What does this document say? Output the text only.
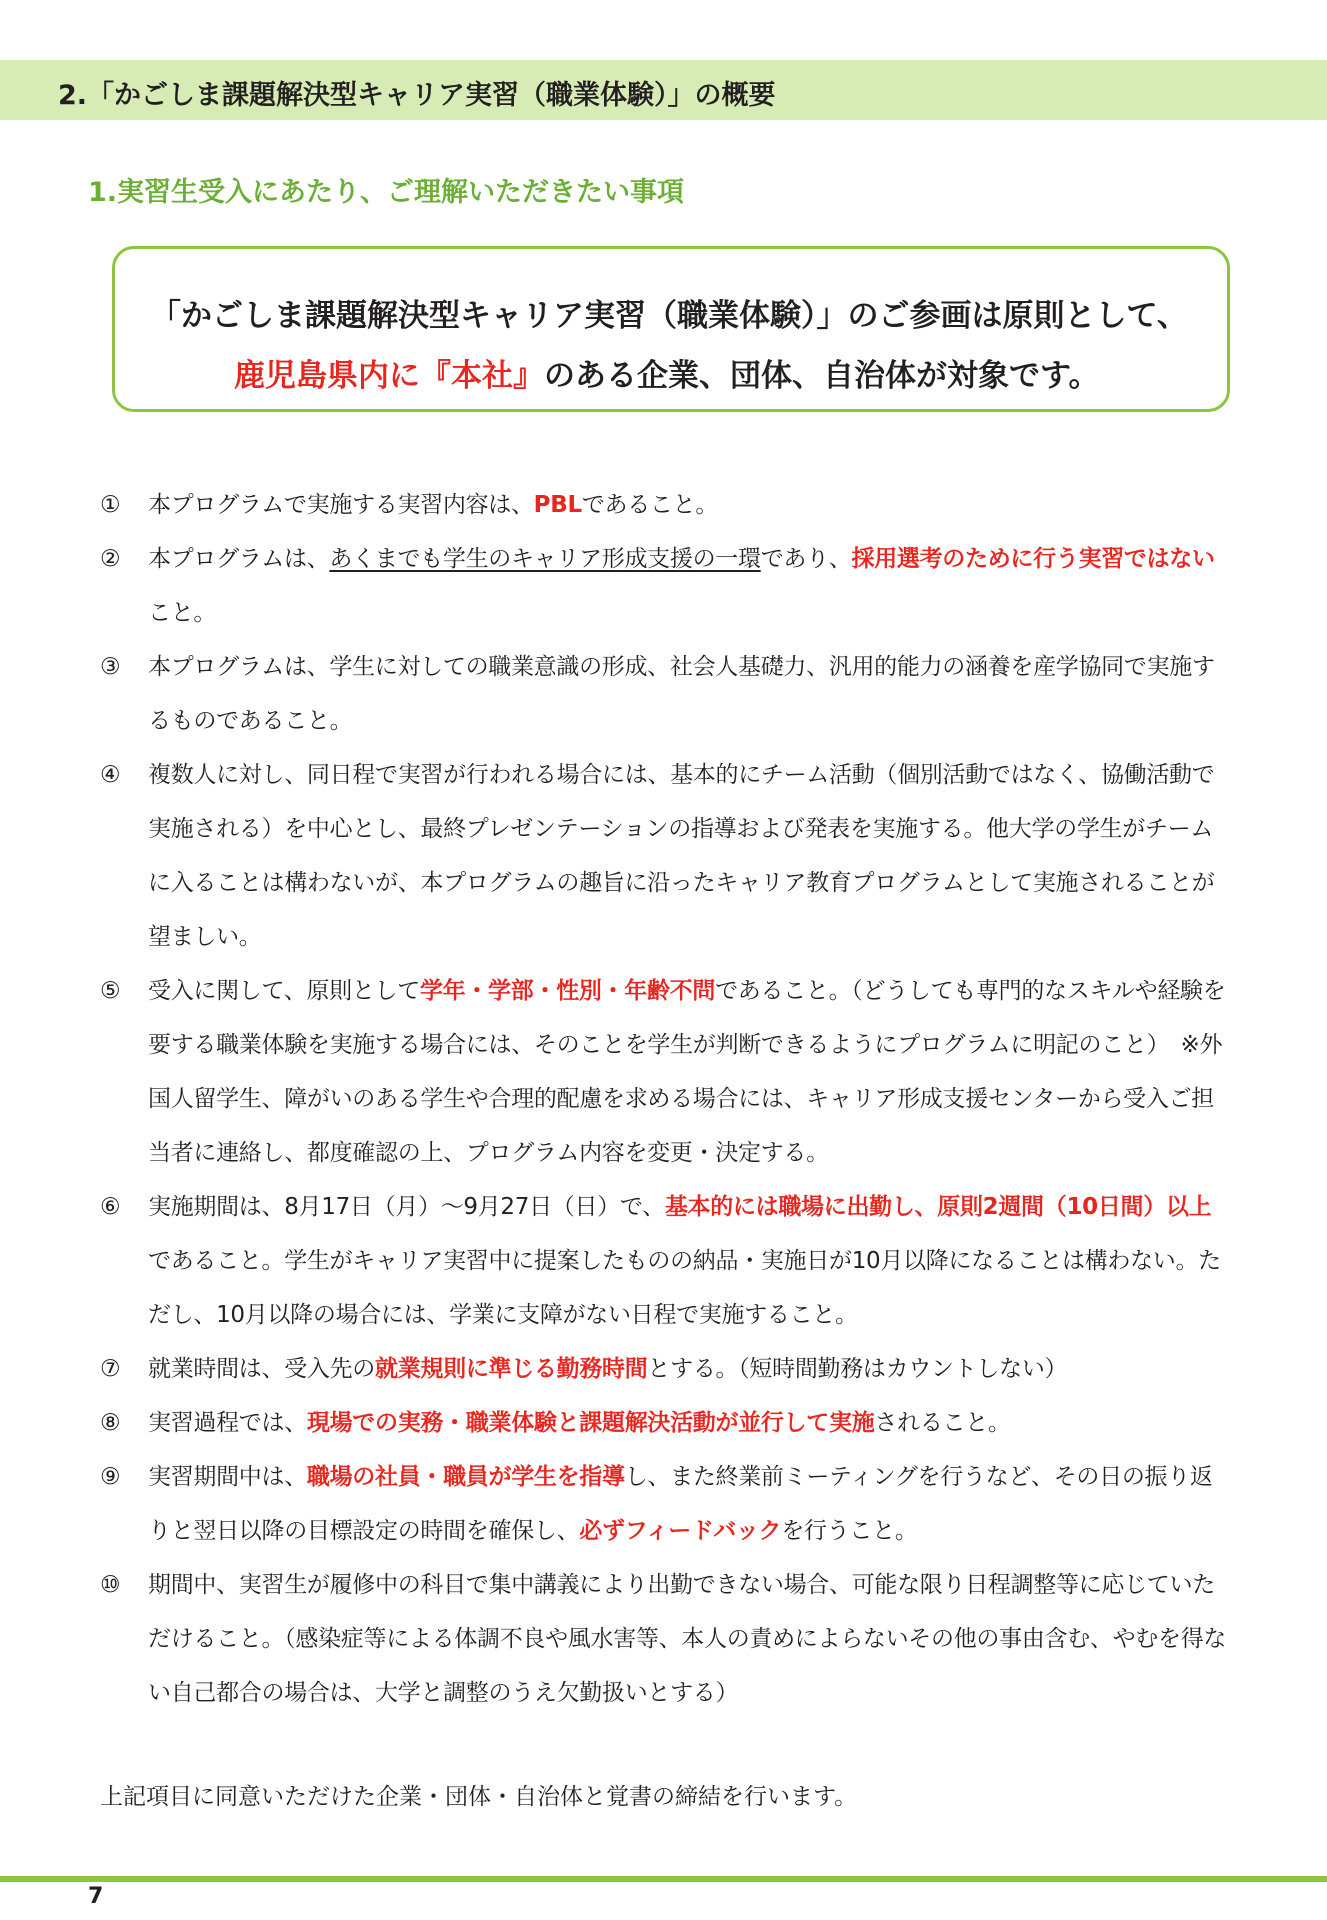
2.「かごしま課題解決型キャリア実習（職業体験）」の概要
1.実習生受入にあたり、ご理解いただきたい事項

「かごしま課題解決型キャリア実習（職業体験）」のご参画は原則として、

鹿児島県内に『本社』のある企業、団体、自治体が対象です。

①	本プログラムで実施する実習内容は、PBLであること。

②	本プログラムは、あくまでも学生のキャリア形成支援の一環であり、採用選考のために行う実習ではないこと。

③	本プログラムは、学生に対しての職業意識の形成、社会人基礎力、汎用的能力の涵養を産学協同で実施するものであること。

④	複数人に対し、同日程で実習が行われる場合には、基本的にチーム活動（個別活動ではなく、協働活動で実施される）を中心とし、最終プレゼンテーションの指導および発表を実施する。他大学の学生がチームに入ることは構わないが、本プログラムの趣旨に沿ったキャリア教育プログラムとして実施されることが望ましい。

⑤	受入に関して、原則として学年・学部・性別・年齢不問であること。（どうしても専門的なスキルや経験を要する職業体験を実施する場合には、そのことを学生が判断できるようにプログラムに明記のこと）　※外国人留学生、障がいのある学生や合理的配慮を求める場合には、キャリア形成支援センターから受入ご担当者に連絡し、都度確認の上、プログラム内容を変更・決定する。

⑥	実施期間は、8月17日（月）～9月27日（日）で、基本的には職場に出勤し、原則2週間（10日間）以上であること。学生がキャリア実習中に提案したものの納品・実施日が10月以降になることは構わない。ただし、10月以降の場合には、学業に支障がない日程で実施すること。

⑦	就業時間は、受入先の就業規則に準じる勤務時間とする。（短時間勤務はカウントしない）

⑧	実習過程では、現場での実務・職業体験と課題解決活動が並行して実施されること。

⑨	実習期間中は、職場の社員・職員が学生を指導し、また終業前ミーティングを行うなど、その日の振り返りと翌日以降の目標設定の時間を確保し、必ずフィードバックを行うこと。

⑩	期間中、実習生が履修中の科目で集中講義により出勤できない場合、可能な限り日程調整等に応じていただけること。（感染症等による体調不良や風水害等、本人の責めによらないその他の事由含む、やむを得ない自己都合の場合は、大学と調整のうえ欠勤扱いとする）

上記項目に同意いただけた企業・団体・自治体と覚書の締結を行います。

7
